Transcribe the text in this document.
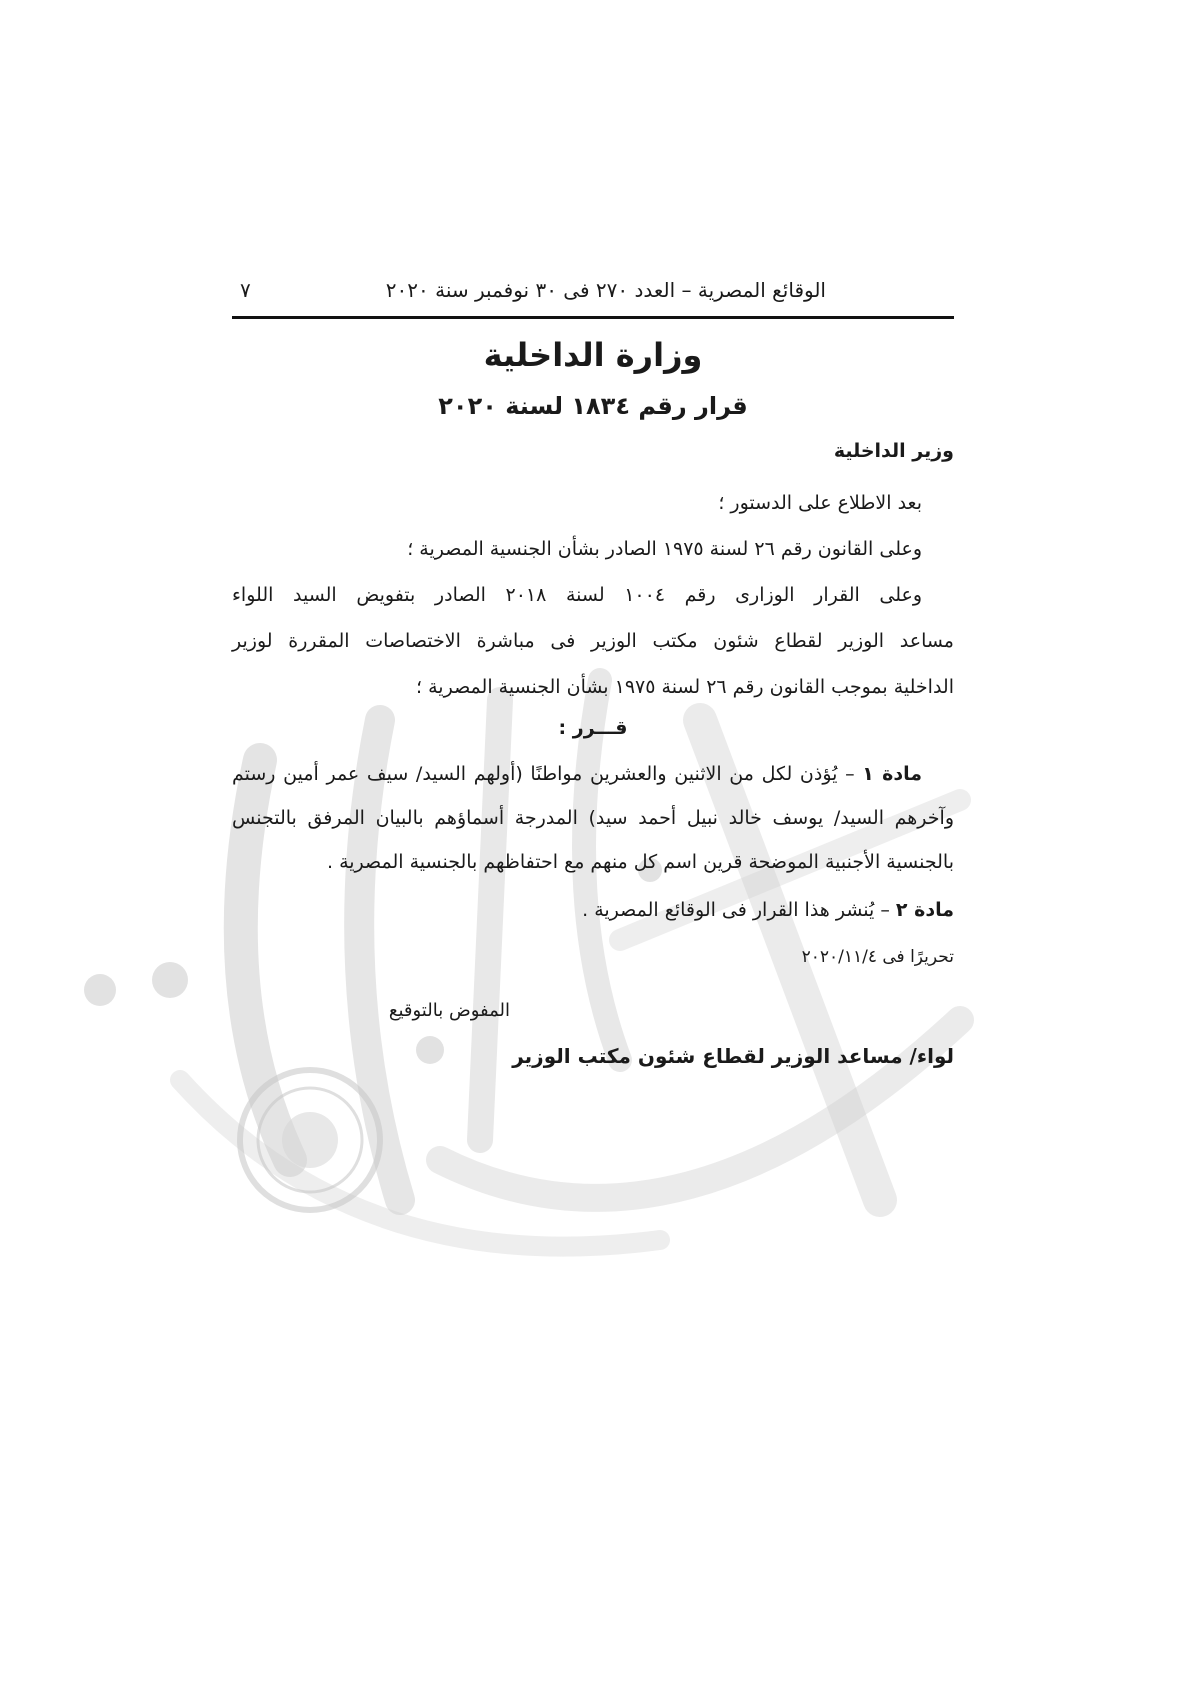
الوقائع المصرية – العدد ٢٧٠ فى ٣٠ نوفمبر سنة ٢٠٢٠
٧
وزارة الداخلية
قرار رقم ١٨٣٤ لسنة ٢٠٢٠
وزير الداخلية

بعد الاطلاع على الدستور ؛

وعلى القانون رقم ٢٦ لسنة ١٩٧٥ الصادر بشأن الجنسية المصرية ؛

وعلى القرار الوزارى رقم ١٠٠٤ لسنة ٢٠١٨ الصادر بتفويض السيد اللواء

مساعد الوزير لقطاع شئون مكتب الوزير فى مباشرة الاختصاصات المقررة لوزير

الداخلية بموجب القانون رقم ٢٦ لسنة ١٩٧٥ بشأن الجنسية المصرية ؛

قـــرر :
مادة ١ – يُؤذن لكل من الاثنين والعشرين مواطنًا (أولهم السيد/ سيف عمر أمين رستم
وآخرهم السيد/ يوسف خالد نبيل أحمد سيد) المدرجة أسماؤهم بالبيان المرفق بالتجنس
بالجنسية الأجنبية الموضحة قرين اسم كل منهم مع احتفاظهم بالجنسية المصرية .
مادة ٢ – يُنشر هذا القرار فى الوقائع المصرية .
تحريرًا فى ٢٠٢٠/١١/٤
المفوض بالتوقيع
لواء/ مساعد الوزير لقطاع شئون مكتب الوزير
